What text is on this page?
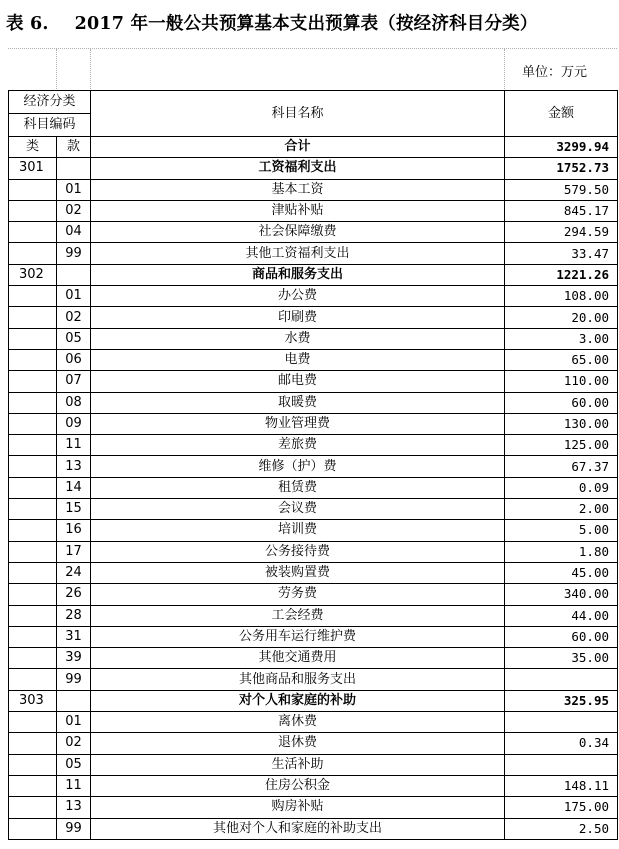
表 6. 2017 年一般公共预算基本支出预算表（按经济科目分类）
单位：万元
经济分类		科目名称	金额
科目编码			
类	款	合计	3299.94
301		工资福利支出	1752.73
	01	基本工资	579.50
	02	津贴补贴	845.17
	04	社会保障缴费	294.59
	99	其他工资福利支出	33.47
302		商品和服务支出	1221.26
	01	办公费	108.00
	02	印刷费	20.00
	05	水费	3.00
	06	电费	65.00
	07	邮电费	110.00
	08	取暖费	60.00
	09	物业管理费	130.00
	11	差旅费	125.00
	13	维修（护）费	67.37
	14	租赁费	0.09
	15	会议费	2.00
	16	培训费	5.00
	17	公务接待费	1.80
	24	被装购置费	45.00
	26	劳务费	340.00
	28	工会经费	44.00
	31	公务用车运行维护费	60.00
	39	其他交通费用	35.00
	99	其他商品和服务支出	
303		对个人和家庭的补助	325.95
	01	离休费	
	02	退休费	0.34
	05	生活补助	
	11	住房公积金	148.11
	13	购房补贴	175.00
	99	其他对个人和家庭的补助支出	2.50
